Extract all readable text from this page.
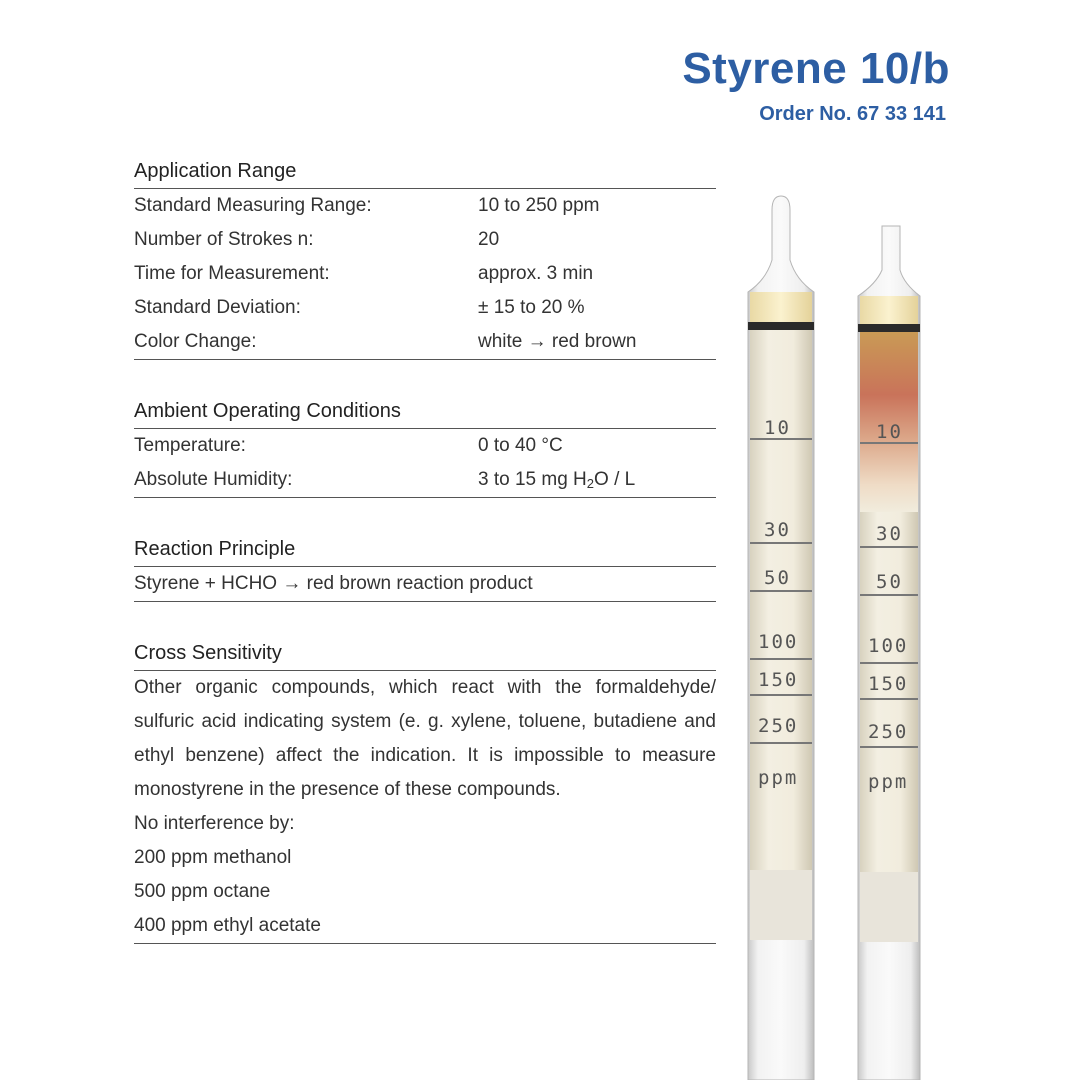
Styrene 10/b
Order No. 67 33 141
Application Range
Standard Measuring Range:	10 to 250 ppm
Number of Strokes n:	20
Time for Measurement:	approx. 3 min
Standard Deviation:	± 15 to 20 %
Color Change:	white → red brown
Ambient Operating Conditions
Temperature:	0 to 40 °C
Absolute Humidity:	3 to 15 mg $H_2O$ / L
Reaction Principle
Styrene + HCHO → red brown reaction product
Cross Sensitivity
Other organic compounds, which react with the formaldehyde/ sulfuric acid indicating system (e. g. xylene, toluene, butadiene and ethyl benzene) affect the indication. It is impossible to measure monostyrene in the presence of these compounds.
No interference by:
200 ppm methanol
500 ppm octane
400 ppm ethyl acetate
10
30
50
100
150
250
ppm
10
30
50
100
150
250
ppm
